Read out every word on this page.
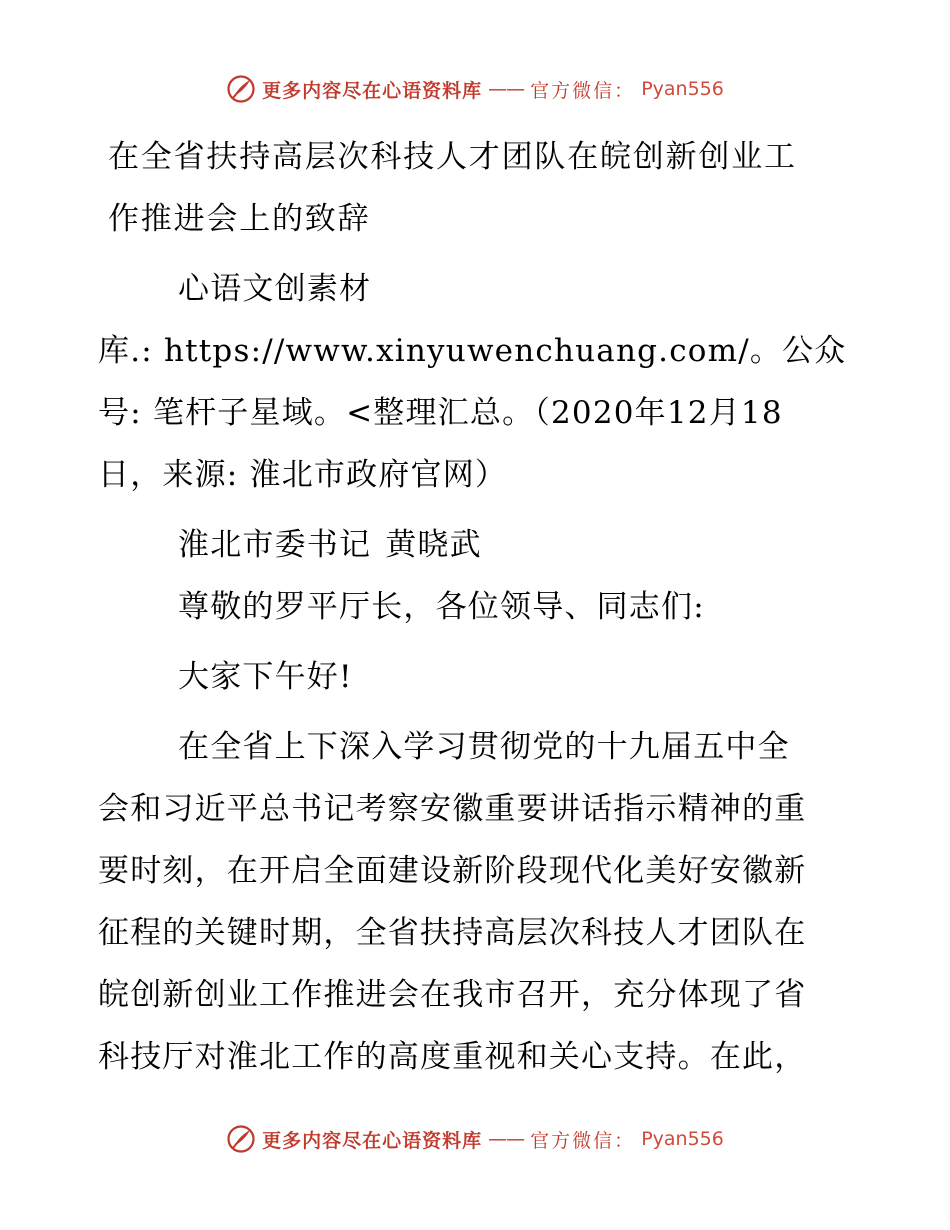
更多内容尽在心语资料库 —— 官方微信： Pyan556

在全省扶持高层次科技人才团队在皖创新创业工
作推进会上的致辞

心语文创素材
库.: https://www.xinyuwenchuang.com/。公众
号: 笔杆子星域。<整理汇总。（2020年12月18
日，来源: 淮北市政府官网）

淮北市委书记 黄晓武

尊敬的罗平厅长，各位领导、同志们:

大家下午好!

在全省上下深入学习贯彻党的十九届五中全
会和习近平总书记考察安徽重要讲话指示精神的重
要时刻，在开启全面建设新阶段现代化美好安徽新
征程的关键时期，全省扶持高层次科技人才团队在
皖创新创业工作推进会在我市召开，充分体现了省
科技厅对淮北工作的高度重视和关心支持。在此，

更多内容尽在心语资料库 —— 官方微信： Pyan556
